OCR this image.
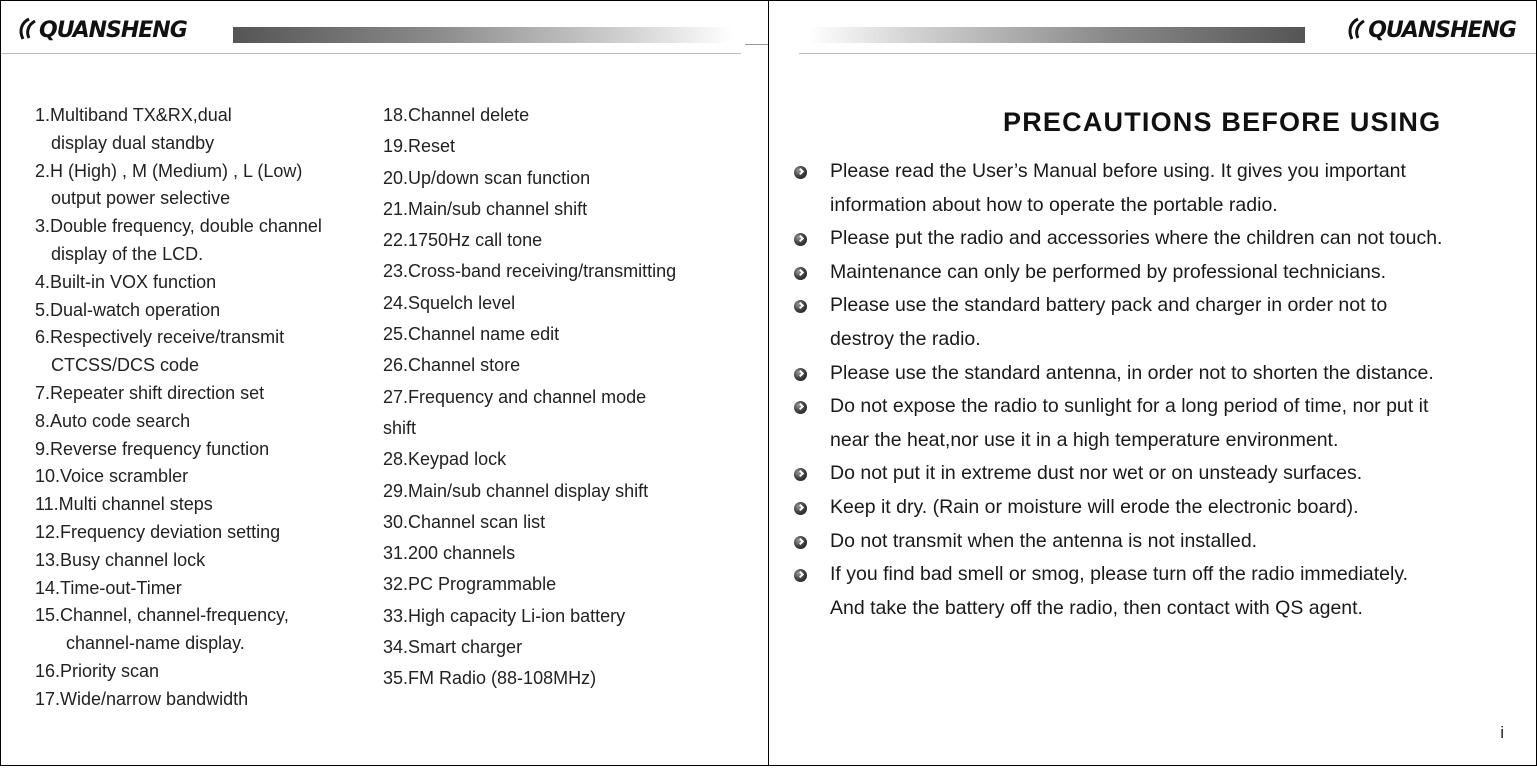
QUANSHENG
1.Multiband TX&RX,dual
display dual standby
2.H (High) , M (Medium) , L (Low)
output power selective
3.Double frequency, double channel
display of the LCD.
4.Built-in VOX function
5.Dual-watch operation
6.Respectively receive/transmit
CTCSS/DCS code
7.Repeater shift direction set
8.Auto code search
9.Reverse frequency function
10.Voice scrambler
11.Multi channel steps
12.Frequency deviation setting
13.Busy channel lock
14.Time-out-Timer
15.Channel, channel-frequency,
channel-name display.
16.Priority scan
17.Wide/narrow bandwidth
18.Channel delete
19.Reset
20.Up/down scan function
21.Main/sub channel shift
22.1750Hz call tone
23.Cross-band receiving/transmitting
24.Squelch level
25.Channel name edit
26.Channel store
27.Frequency and channel mode
shift
28.Keypad lock
29.Main/sub channel display shift
30.Channel scan list
31.200 channels
32.PC Programmable
33.High capacity Li-ion battery
34.Smart charger
35.FM Radio (88-108MHz)
QUANSHENG
PRECAUTIONS BEFORE USING
Please read the User’s Manual before using. It gives you important
information about how to operate the portable radio.
Please put the radio and accessories where the children can not touch.
Maintenance can only be performed by professional technicians.
Please use the standard battery pack and charger in order not to
destroy the radio.
Please use the standard antenna, in order not to shorten the distance.
Do not expose the radio to sunlight for a long period of time, nor put it
near the heat,nor use it in a high temperature environment.
Do not put it in extreme dust nor wet or on unsteady surfaces.
Keep it dry. (Rain or moisture will erode the electronic board).
Do not transmit when the antenna is not installed.
If you find bad smell or smog, please turn off the radio immediately.
And take the battery off the radio, then contact with QS agent.
i
